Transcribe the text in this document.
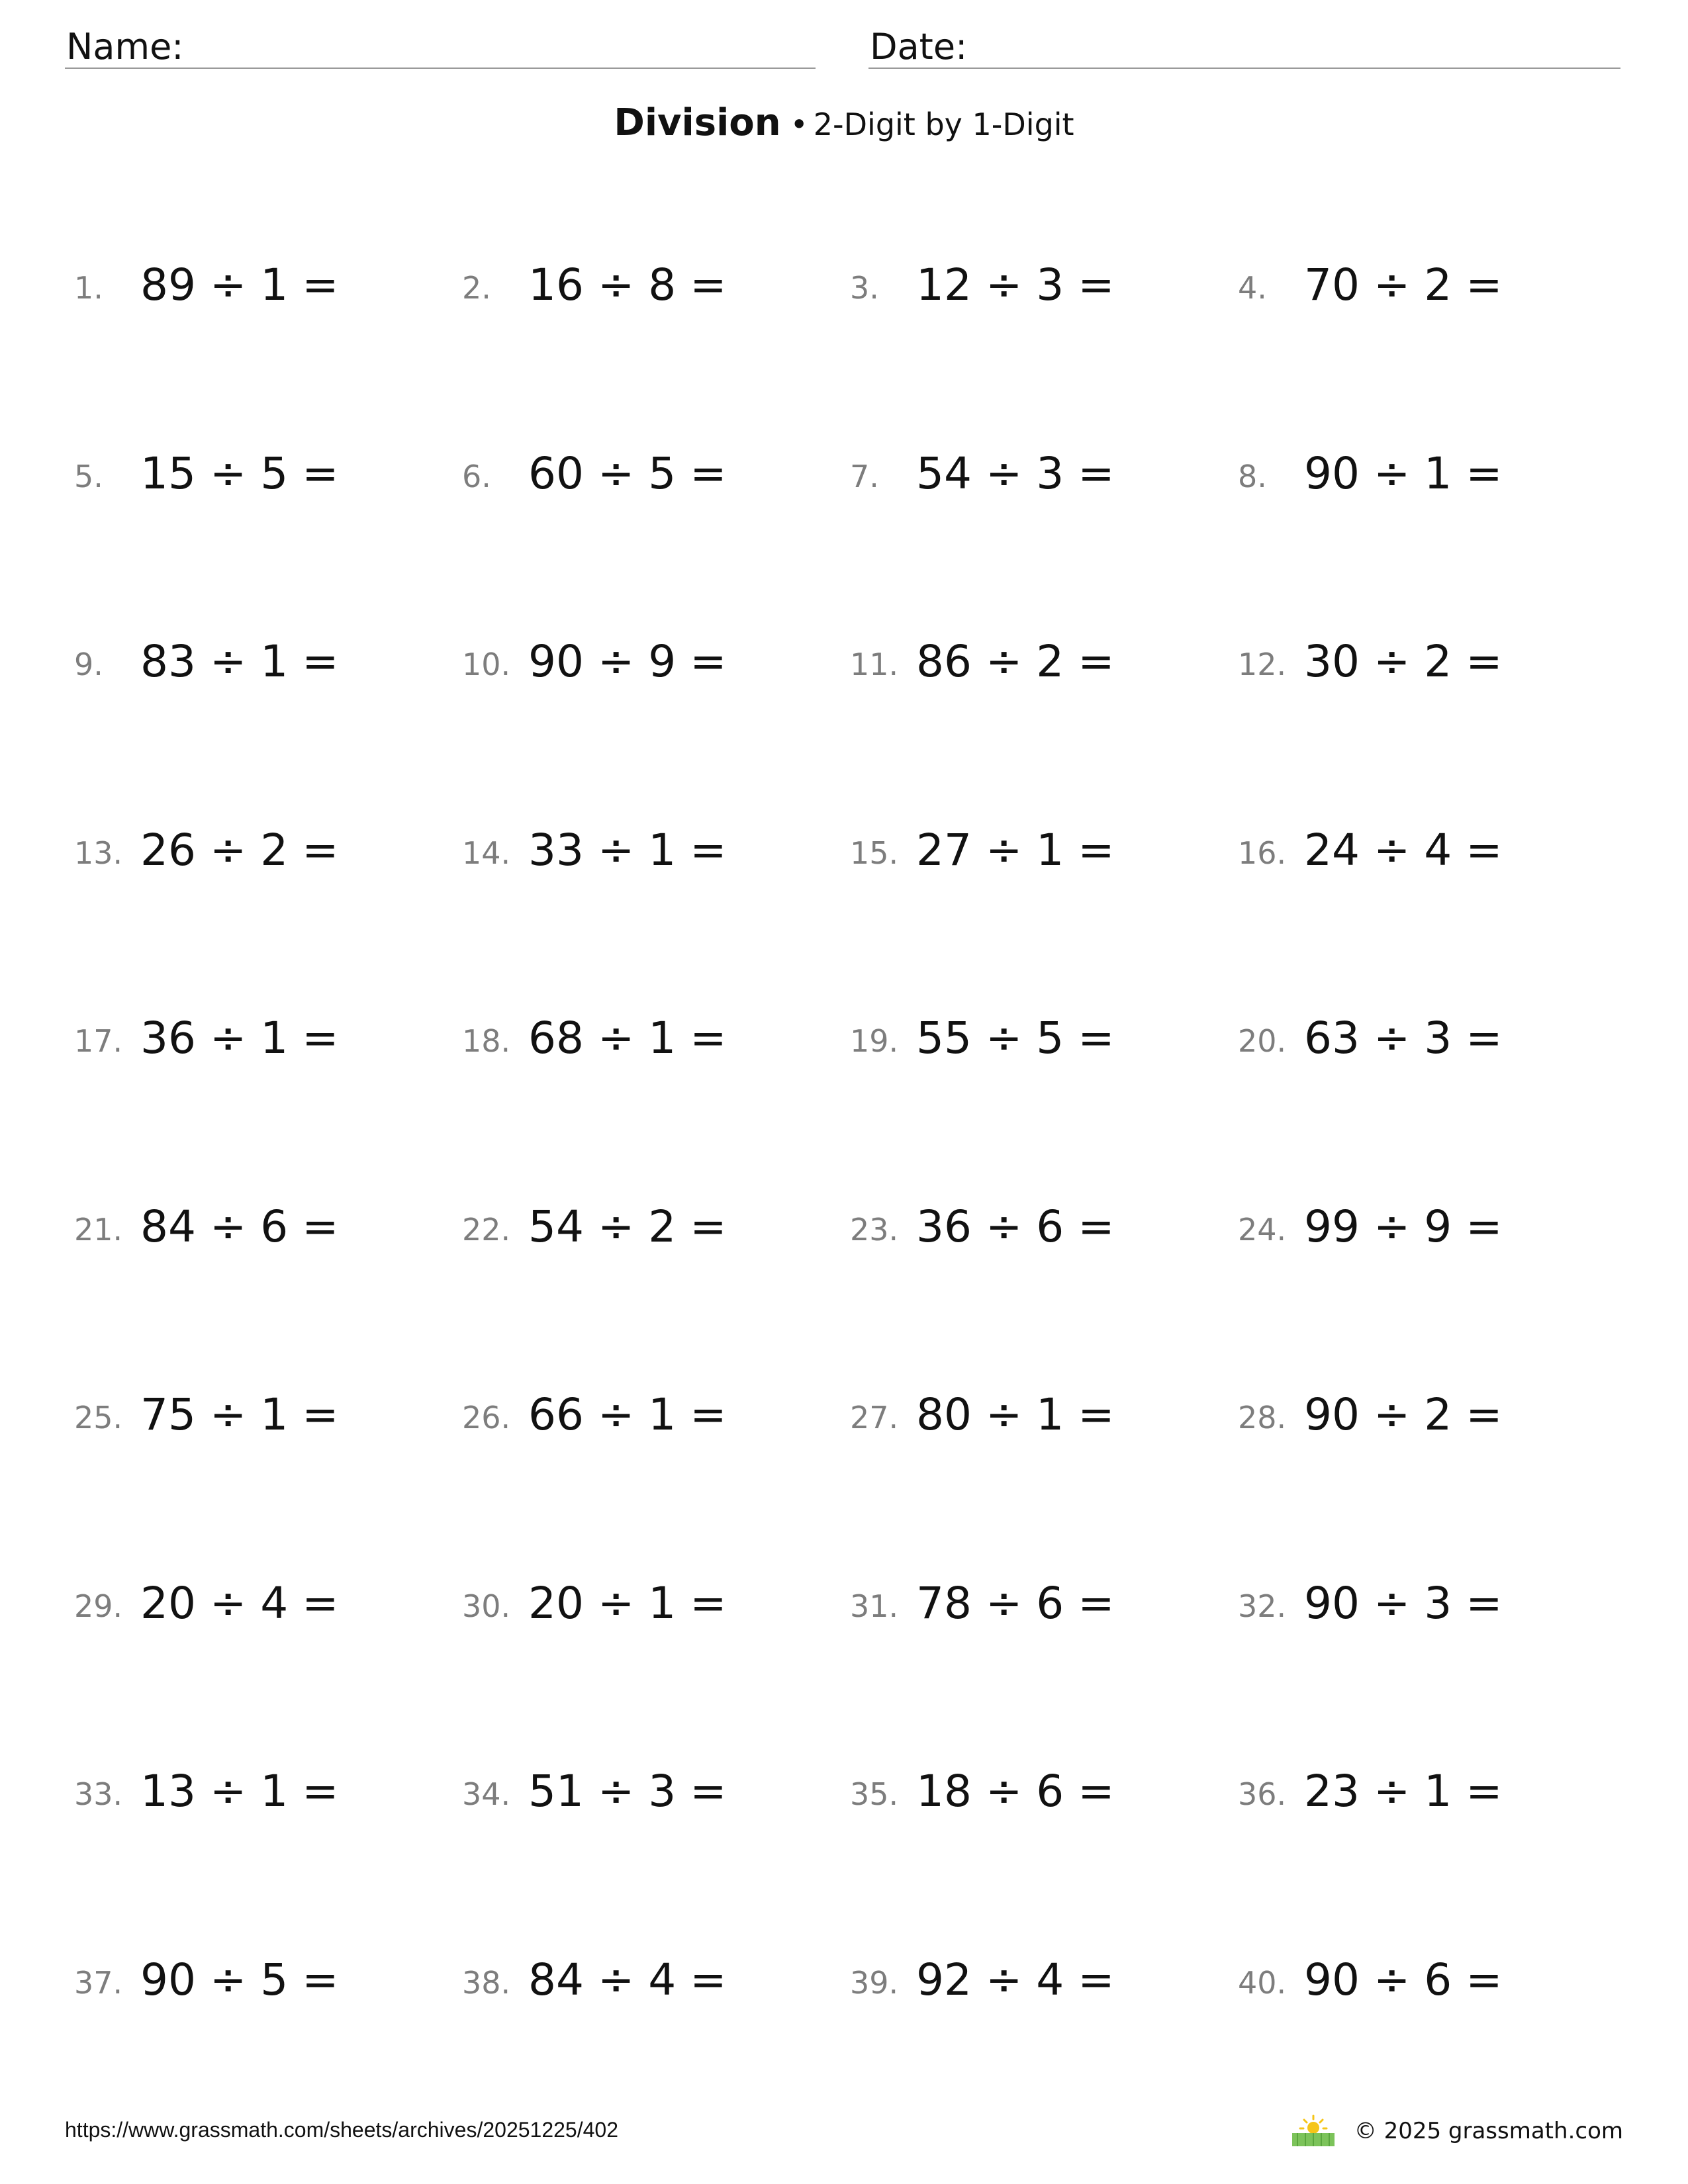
Name:	Date:
Division • 2-Digit by 1-Digit
1. 89 ÷ 1 =	2. 16 ÷ 8 =	3. 12 ÷ 3 =	4. 70 ÷ 2 =
5. 15 ÷ 5 =	6. 60 ÷ 5 =	7. 54 ÷ 3 =	8. 90 ÷ 1 =
9. 83 ÷ 1 =	10. 90 ÷ 9 =	11. 86 ÷ 2 =	12. 30 ÷ 2 =
13. 26 ÷ 2 =	14. 33 ÷ 1 =	15. 27 ÷ 1 =	16. 24 ÷ 4 =
17. 36 ÷ 1 =	18. 68 ÷ 1 =	19. 55 ÷ 5 =	20. 63 ÷ 3 =
21. 84 ÷ 6 =	22. 54 ÷ 2 =	23. 36 ÷ 6 =	24. 99 ÷ 9 =
25. 75 ÷ 1 =	26. 66 ÷ 1 =	27. 80 ÷ 1 =	28. 90 ÷ 2 =
29. 20 ÷ 4 =	30. 20 ÷ 1 =	31. 78 ÷ 6 =	32. 90 ÷ 3 =
33. 13 ÷ 1 =	34. 51 ÷ 3 =	35. 18 ÷ 6 =	36. 23 ÷ 1 =
37. 90 ÷ 5 =	38. 84 ÷ 4 =	39. 92 ÷ 4 =	40. 90 ÷ 6 =
https://www.grassmath.com/sheets/archives/20251225/402	© 2025 grassmath.com
